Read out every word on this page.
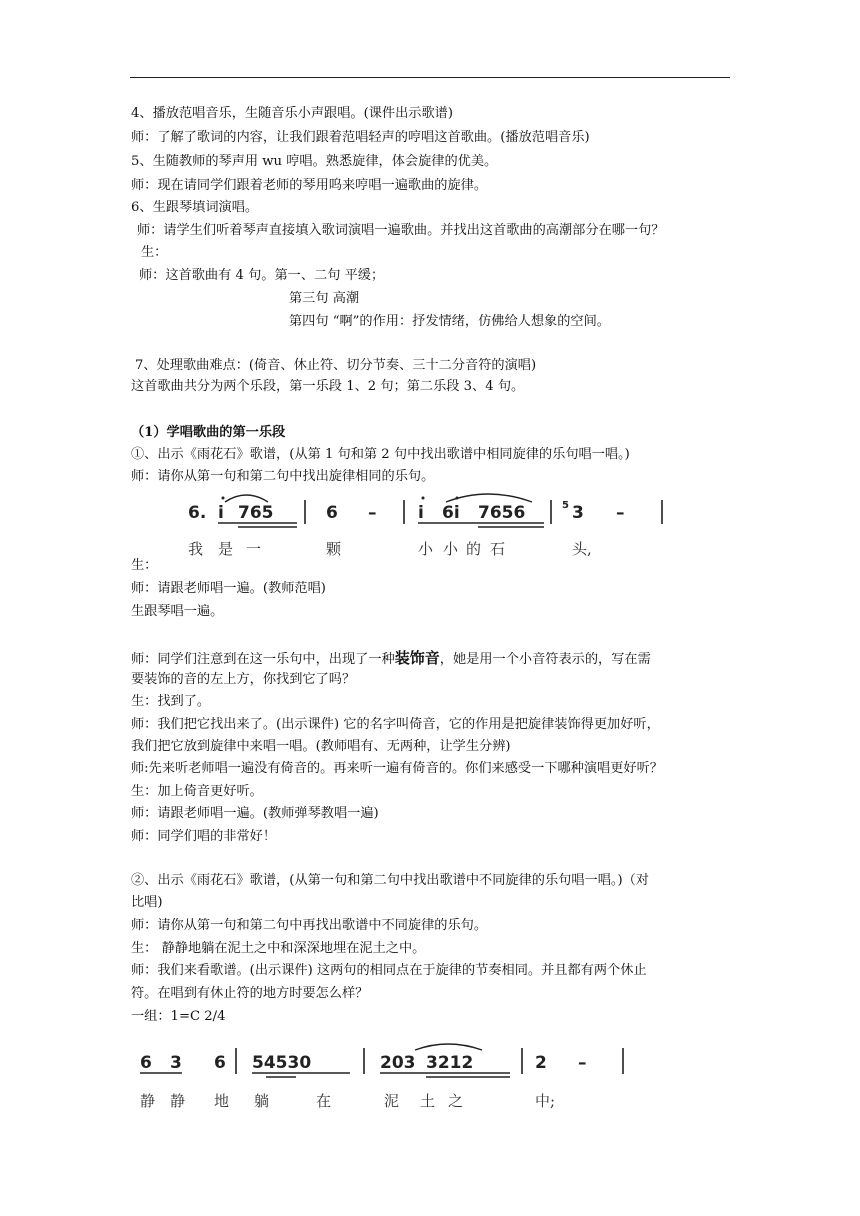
4、播放范唱音乐，生随音乐小声跟唱。(课件出示歌谱)
师：了解了歌词的内容，让我们跟着范唱轻声的哼唱这首歌曲。(播放范唱音乐)
5、生随教师的琴声用 wu 哼唱。熟悉旋律，体会旋律的优美。
师：现在请同学们跟着老师的琴用呜来哼唱一遍歌曲的旋律。
6、生跟琴填词演唱。
师：请学生们听着琴声直接填入歌词演唱一遍歌曲。并找出这首歌曲的高潮部分在哪一句？
生：
师：这首歌曲有 4 句。第一、二句 平缓；
第三句 高潮
第四句 “啊”的作用：抒发情绪，仿佛给人想象的空间。
7、处理歌曲难点：(倚音、休止符、切分节奏、三十二分音符的演唱)
这首歌曲共分为两个乐段，第一乐段 1、2 句；第二乐段 3、4 句。
（1）学唱歌曲的第一乐段
①、出示《雨花石》歌谱，(从第 1 句和第 2 句中找出歌谱中相同旋律的乐句唱一唱。)
师：请你从第一句和第二句中找出旋律相同的乐句。
6. i 765	6 – i 6i 7656	5 3 –
我 是 一	颗	小 小 的 石	头,
生：
师：请跟老师唱一遍。(教师范唱)
生跟琴唱一遍。
师：同学们注意到在这一乐句中，出现了一种装饰音，她是用一个小音符表示的，写在需
要装饰的音的左上方，你找到它了吗？
生：找到了。
师：我们把它找出来了。(出示课件) 它的名字叫倚音，它的作用是把旋律装饰得更加好听，
我们把它放到旋律中来唱一唱。(教师唱有、无两种，让学生分辨)
师:先来听老师唱一遍没有倚音的。再来听一遍有倚音的。你们来感受一下哪种演唱更好听？
生：加上倚音更好听。
师：请跟老师唱一遍。(教师弹琴教唱一遍)
师：同学们唱的非常好！
②、出示《雨花石》歌谱，(从第一句和第二句中找出歌谱中不同旋律的乐句唱一唱。)（对
比唱)
师：请你从第一句和第二句中再找出歌谱中不同旋律的乐句。
生： 静静地躺在泥土之中和深深地埋在泥土之中。
师：我们来看歌谱。(出示课件) 这两句的相同点在于旋律的节奏相同。并且都有两个休止
符。在唱到有休止符的地方时要怎么样？
一组：1=C 2/4
6 3 6 54530	203 3212	2 –
静 静 地 躺	在	泥 土 之	中;
